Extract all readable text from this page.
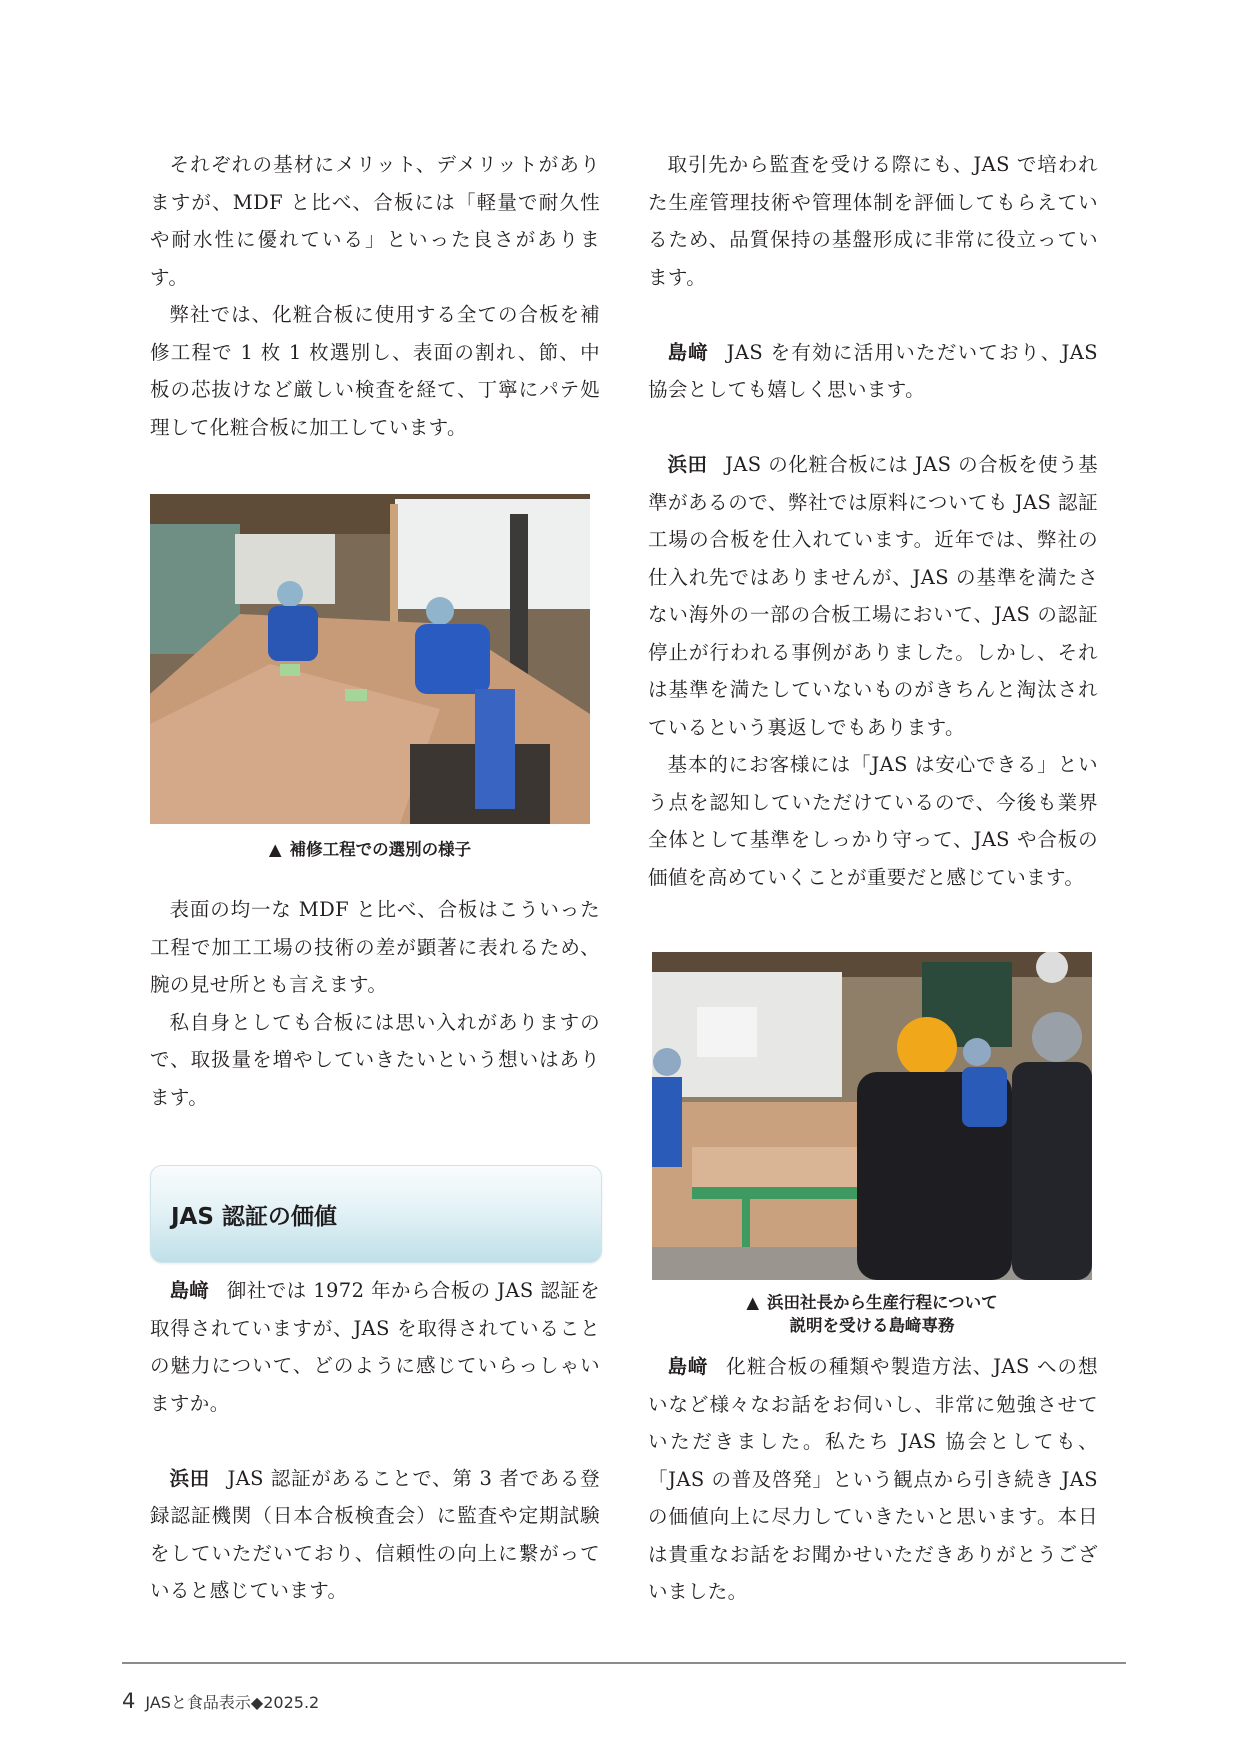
それぞれの基材にメリット、デメリットがありますが、MDF と比べ、合板には「軽量で耐久性や耐水性に優れている」といった良さがあります。

弊社では、化粧合板に使用する全ての合板を補修工程で 1 枚 1 枚選別し、表面の割れ、節、中板の芯抜けなど厳しい検査を経て、丁寧にパテ処理して化粧合板に加工しています。

▲ 補修工程での選別の様子

表面の均一な MDF と比べ、合板はこういった工程で加工工場の技術の差が顕著に表れるため、腕の見せ所とも言えます。

私自身としても合板には思い入れがありますので、取扱量を増やしていきたいという想いはあります。

JAS 認証の価値

島﨑 御社では 1972 年から合板の JAS 認証を取得されていますが、JAS を取得されていることの魅力について、どのように感じていらっしゃいますか。

浜田 JAS 認証があることで、第 3 者である登録認証機関（日本合板検査会）に監査や定期試験をしていただいており、信頼性の向上に繋がっていると感じています。

取引先から監査を受ける際にも、JAS で培われた生産管理技術や管理体制を評価してもらえているため、品質保持の基盤形成に非常に役立っています。

島﨑 JAS を有効に活用いただいており、JAS 協会としても嬉しく思います。

浜田 JAS の化粧合板には JAS の合板を使う基準があるので、弊社では原料についても JAS 認証工場の合板を仕入れています。近年では、弊社の仕入れ先ではありませんが、JAS の基準を満たさない海外の一部の合板工場において、JAS の認証停止が行われる事例がありました。しかし、それは基準を満たしていないものがきちんと淘汰されているという裏返しでもあります。

基本的にお客様には「JAS は安心できる」という点を認知していただけているので、今後も業界全体として基準をしっかり守って、JAS や合板の価値を高めていくことが重要だと感じています。

▲ 浜田社長から生産行程について
説明を受ける島﨑専務

島﨑 化粧合板の種類や製造方法、JAS への想いなど様々なお話をお伺いし、非常に勉強させていただきました。私たち JAS 協会としても、「JAS の普及啓発」という観点から引き続き JAS の価値向上に尽力していきたいと思います。本日は貴重なお話をお聞かせいただきありがとうございました。

4 JASと食品表示◆2025.2
